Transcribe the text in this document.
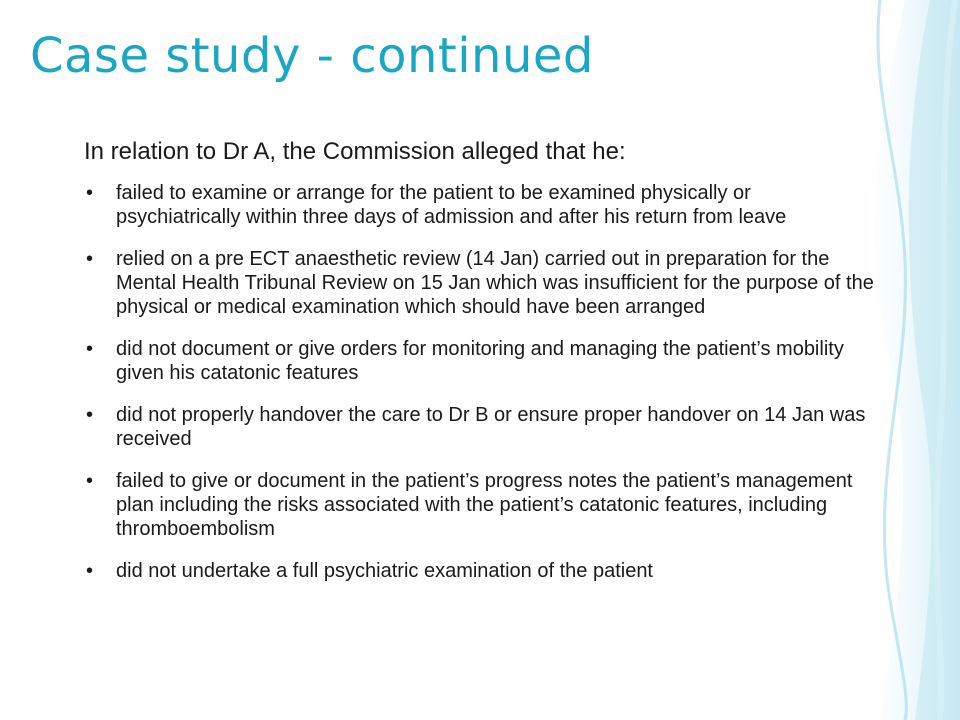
Case study - continued

In relation to Dr A, the Commission alleged that he:

• failed to examine or arrange for the patient to be examined physically or psychiatrically within three days of admission and after his return from leave
• relied on a pre ECT anaesthetic review (14 Jan) carried out in preparation for the Mental Health Tribunal Review on 15 Jan which was insufficient for the purpose of the physical or medical examination which should have been arranged
• did not document or give orders for monitoring and managing the patient’s mobility given his catatonic features
• did not properly handover the care to Dr B or ensure proper handover on 14 Jan was received
• failed to give or document in the patient’s progress notes the patient’s management plan including the risks associated with the patient’s catatonic features, including thromboembolism
• did not undertake a full psychiatric examination of the patient
